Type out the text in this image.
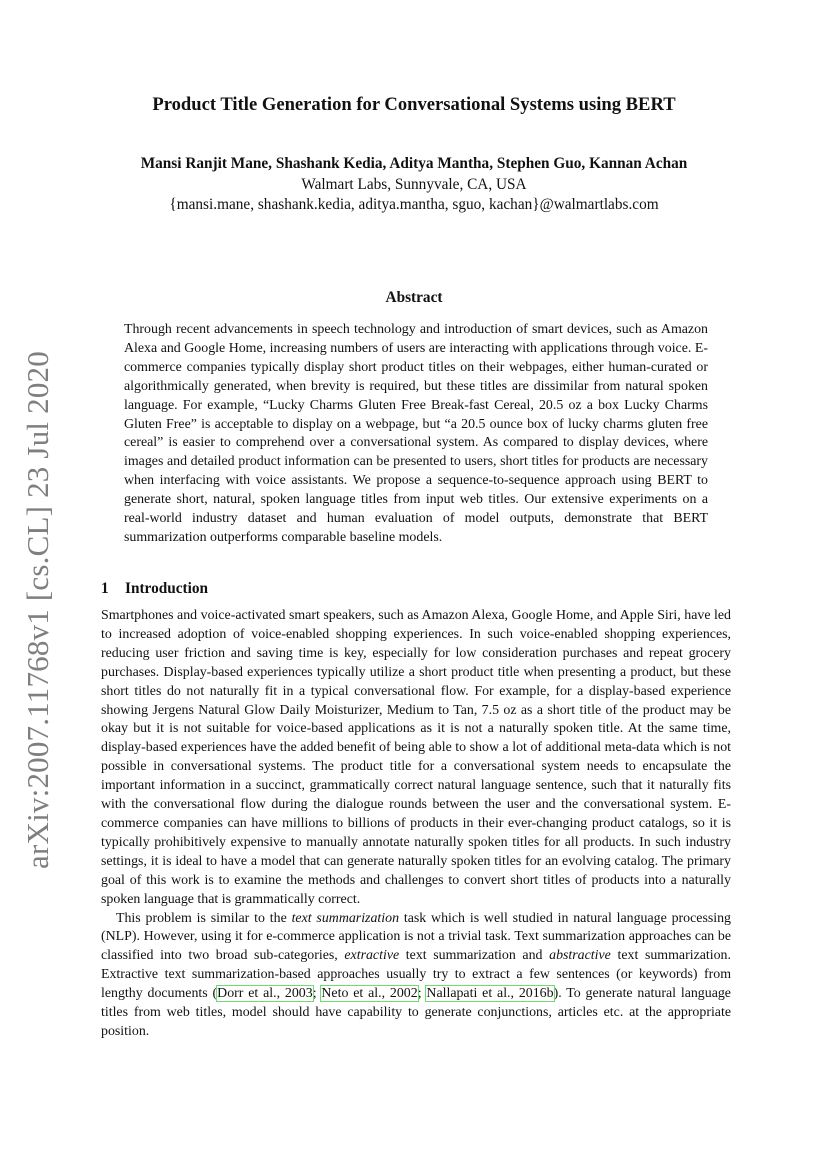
arXiv:2007.11768v1 [cs.CL] 23 Jul 2020
Product Title Generation for Conversational Systems using BERT
Mansi Ranjit Mane, Shashank Kedia, Aditya Mantha, Stephen Guo, Kannan Achan
Walmart Labs, Sunnyvale, CA, USA
{mansi.mane, shashank.kedia, aditya.mantha, sguo, kachan}@walmartlabs.com
Abstract
Through recent advancements in speech technology and introduction of smart devices, such as Amazon Alexa and Google Home, increasing numbers of users are interacting with applications through voice. E-commerce companies typically display short product titles on their webpages, either human-curated or algorithmically generated, when brevity is required, but these titles are dissimilar from natural spoken language. For example, “Lucky Charms Gluten Free Break-fast Cereal, 20.5 oz a box Lucky Charms Gluten Free” is acceptable to display on a webpage, but “a 20.5 ounce box of lucky charms gluten free cereal” is easier to comprehend over a conversational system. As compared to display devices, where images and detailed product information can be presented to users, short titles for products are necessary when interfacing with voice assistants. We propose a sequence-to-sequence approach using BERT to generate short, natural, spoken language titles from input web titles. Our extensive experiments on a real-world industry dataset and human evaluation of model outputs, demonstrate that BERT summarization outperforms comparable baseline models.
1 Introduction

Smartphones and voice-activated smart speakers, such as Amazon Alexa, Google Home, and Apple Siri, have led to increased adoption of voice-enabled shopping experiences. In such voice-enabled shopping experiences, reducing user friction and saving time is key, especially for low consideration purchases and repeat grocery purchases. Display-based experiences typically utilize a short product title when presenting a product, but these short titles do not naturally fit in a typical conversational flow. For example, for a display-based experience showing Jergens Natural Glow Daily Moisturizer, Medium to Tan, 7.5 oz as a short title of the product may be okay but it is not suitable for voice-based applications as it is not a naturally spoken title. At the same time, display-based experiences have the added benefit of being able to show a lot of additional meta-data which is not possible in conversational systems. The product title for a conversational system needs to encapsulate the important information in a succinct, grammatically correct natural language sentence, such that it naturally fits with the conversational flow during the dialogue rounds between the user and the conversational system. E-commerce companies can have millions to billions of products in their ever-changing product catalogs, so it is typically prohibitively expensive to manually annotate naturally spoken titles for all products. In such industry settings, it is ideal to have a model that can generate naturally spoken titles for an evolving catalog. The primary goal of this work is to examine the methods and challenges to convert short titles of products into a naturally spoken language that is grammatically correct.

This problem is similar to the text summarization task which is well studied in natural language processing (NLP). However, using it for e-commerce application is not a trivial task. Text summarization approaches can be classified into two broad sub-categories, extractive text summarization and abstractive text summarization. Extractive text summarization-based approaches usually try to extract a few sentences (or keywords) from lengthy documents (Dorr et al., 2003; Neto et al., 2002; Nallapati et al., 2016b). To generate natural language titles from web titles, model should have capability to generate conjunctions, articles etc. at the appropriate position.
